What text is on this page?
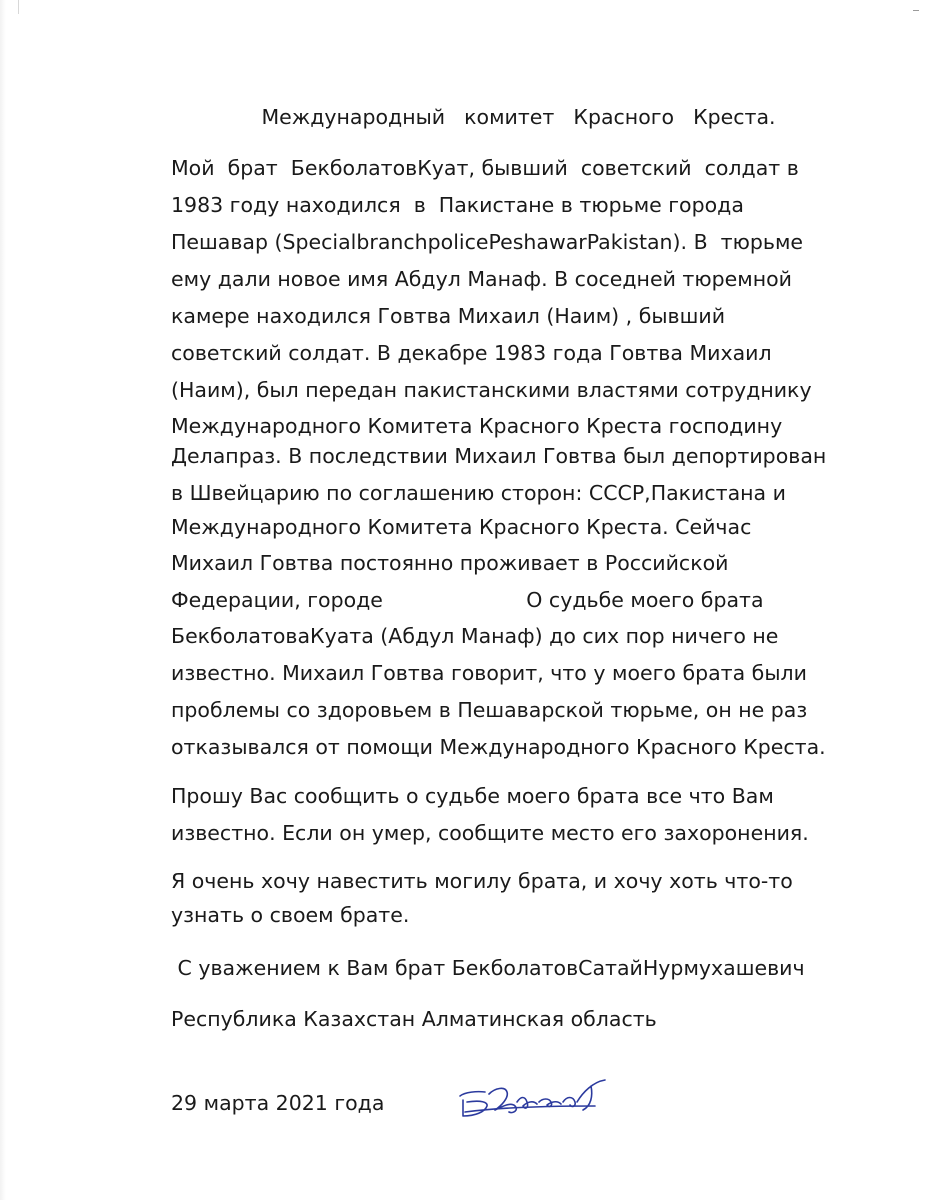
Международный  комитет  Красного  Креста.
Мой  брат  БекболатовКуат, бывший  советский  солдат в
1983 году находился  в  Пакистане в тюрьме города
Пешавар (SpecialbranchpolicePeshawarPakistan). В  тюрьме
ему дали новое имя Абдул Манаф. В соседней тюремной
камере находился Говтва Михаил (Наим) , бывший
советский солдат. В декабре 1983 года Говтва Михаил
(Наим), был передан пакистанскими властями сотруднику
Международного Комитета Красного Креста господину
Делапраз. В последствии Михаил Говтва был депортирован
в Швейцарию по соглашению сторон: СССР,Пакистана и
Международного Комитета Красного Креста. Сейчас
Михаил Говтва постоянно проживает в Российской
Федерации, городе                      О судьбе моего брата
БекболатоваКуата (Абдул Манаф) до сих пор ничего не
известно. Михаил Говтва говорит, что у моего брата были
проблемы со здоровьем в Пешаварской тюрьме, он не раз
отказывался от помощи Международного Красного Креста.
Прошу Вас сообщить о судьбе моего брата все что Вам
известно. Если он умер, сообщите место его захоронения.
Я очень хочу навестить могилу брата, и хочу хоть что-то
узнать о своем брате.
С уважением к Вам брат БекболатовСатайНурмухашевич
Республика Казахстан Алматинская область
29 марта 2021 года
